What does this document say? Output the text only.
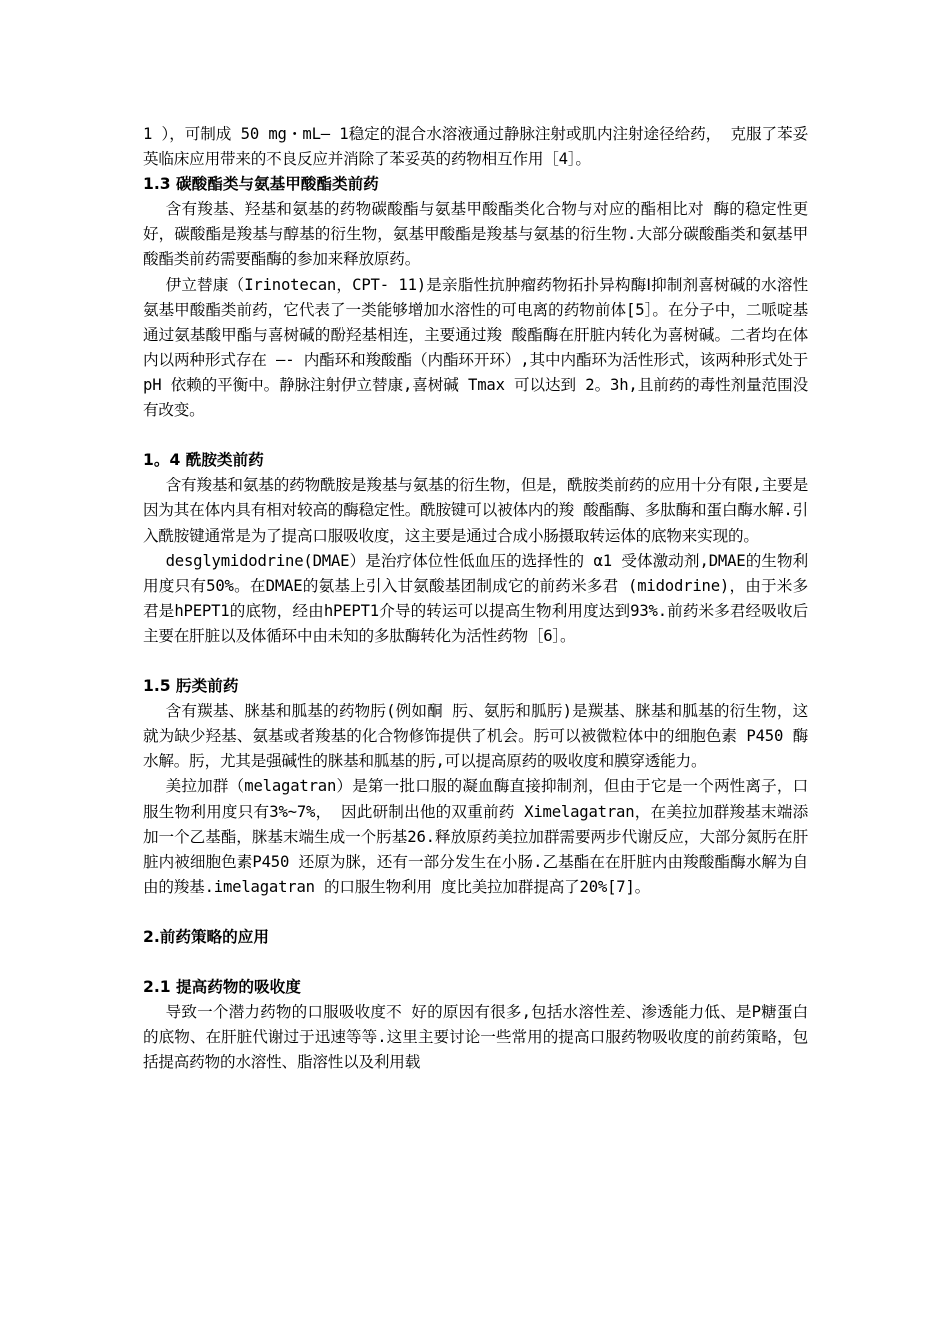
1 ），可制成 50 mg・mL— 1稳定的混合水溶液通过静脉注射或肌内注射途径给药， 克服了苯妥英临床应用带来的不良反应并消除了苯妥英的药物相互作用［4］。

1.3 碳酸酯类与氨基甲酸酯类前药

含有羧基、羟基和氨基的药物碳酸酯与氨基甲酸酯类化合物与对应的酯相比对 酶的稳定性更好，碳酸酯是羧基与醇基的衍生物，氨基甲酸酯是羧基与氨基的衍生物.大部分碳酸酯类和氨基甲酸酯类前药需要酯酶的参加来释放原药。

伊立替康（Irinotecan，CPT- 11)是亲脂性抗肿瘤药物拓扑异构酶Ⅰ抑制剂喜树碱的水溶性氨基甲酸酯类前药，它代表了一类能够增加水溶性的可电离的药物前体[5］。在分子中，二哌啶基通过氨基酸甲酯与喜树碱的酚羟基相连，主要通过羧 酸酯酶在肝脏内转化为喜树碱。二者均在体内以两种形式存在 —- 内酯环和羧酸酯（内酯环开环）,其中内酯环为活性形式，该两种形式处于 pH 依赖的平衡中。静脉注射伊立替康,喜树碱 Tmax 可以达到 2。3h,且前药的毒性剂量范围没有改变。

1。4 酰胺类前药

含有羧基和氨基的药物酰胺是羧基与氨基的衍生物，但是，酰胺类前药的应用十分有限,主要是因为其在体内具有相对较高的酶稳定性。酰胺键可以被体内的羧 酸酯酶、多肽酶和蛋白酶水解.引入酰胺键通常是为了提高口服吸收度，这主要是通过合成小肠摄取转运体的底物来实现的。

desglymidodrine(DMAE）是治疗体位性低血压的选择性的 α1 受体激动剂,DMAE的生物利用度只有50%。在DMAE的氨基上引入甘氨酸基团制成它的前药米多君 (midodrine)，由于米多君是hPEPT1的底物，经由hPEPT1介导的转运可以提高生物利用度达到93%.前药米多君经吸收后主要在肝脏以及体循环中由未知的多肽酶转化为活性药物［6］。

1.5 肟类前药

含有羰基、脒基和胍基的药物肟(例如酮 肟、氨肟和胍肟)是羰基、脒基和胍基的衍生物，这就为缺少羟基、氨基或者羧基的化合物修饰提供了机会。肟可以被微粒体中的细胞色素 P450 酶水解。肟，尤其是强碱性的脒基和胍基的肟,可以提高原药的吸收度和膜穿透能力。

美拉加群（melagatran）是第一批口服的凝血酶直接抑制剂，但由于它是一个两性离子，口服生物利用度只有3%~7%， 因此研制出他的双重前药 Ximelagatran，在美拉加群羧基末端添加一个乙基酯，脒基末端生成一个肟基26.释放原药美拉加群需要两步代谢反应，大部分氮肟在肝脏内被细胞色素P450 还原为脒，还有一部分发生在小肠.乙基酯在在肝脏内由羧酸酯酶水解为自由的羧基.imelagatran 的口服生物利用 度比美拉加群提高了20%[7]。

2.前药策略的应用

2.1 提高药物的吸收度

导致一个潜力药物的口服吸收度不 好的原因有很多,包括水溶性差、渗透能力低、是P糖蛋白的底物、在肝脏代谢过于迅速等等.这里主要讨论一些常用的提高口服药物吸收度的前药策略，包括提高药物的水溶性、脂溶性以及利用载
